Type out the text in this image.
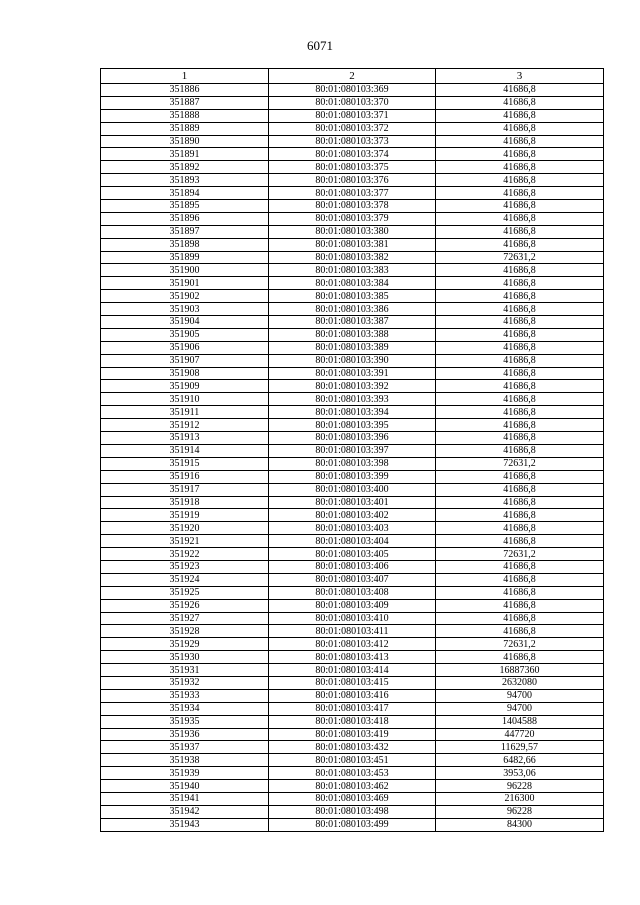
6071
1	2	3
351886	80:01:080103:369	41686,8
351887	80:01:080103:370	41686,8
351888	80:01:080103:371	41686,8
351889	80:01:080103:372	41686,8
351890	80:01:080103:373	41686,8
351891	80:01:080103:374	41686,8
351892	80:01:080103:375	41686,8
351893	80:01:080103:376	41686,8
351894	80:01:080103:377	41686,8
351895	80:01:080103:378	41686,8
351896	80:01:080103:379	41686,8
351897	80:01:080103:380	41686,8
351898	80:01:080103:381	41686,8
351899	80:01:080103:382	72631,2
351900	80:01:080103:383	41686,8
351901	80:01:080103:384	41686,8
351902	80:01:080103:385	41686,8
351903	80:01:080103:386	41686,8
351904	80:01:080103:387	41686,8
351905	80:01:080103:388	41686,8
351906	80:01:080103:389	41686,8
351907	80:01:080103:390	41686,8
351908	80:01:080103:391	41686,8
351909	80:01:080103:392	41686,8
351910	80:01:080103:393	41686,8
351911	80:01:080103:394	41686,8
351912	80:01:080103:395	41686,8
351913	80:01:080103:396	41686,8
351914	80:01:080103:397	41686,8
351915	80:01:080103:398	72631,2
351916	80:01:080103:399	41686,8
351917	80:01:080103:400	41686,8
351918	80:01:080103:401	41686,8
351919	80:01:080103:402	41686,8
351920	80:01:080103:403	41686,8
351921	80:01:080103:404	41686,8
351922	80:01:080103:405	72631,2
351923	80:01:080103:406	41686,8
351924	80:01:080103:407	41686,8
351925	80:01:080103:408	41686,8
351926	80:01:080103:409	41686,8
351927	80:01:080103:410	41686,8
351928	80:01:080103:411	41686,8
351929	80:01:080103:412	72631,2
351930	80:01:080103:413	41686,8
351931	80:01:080103:414	16887360
351932	80:01:080103:415	2632080
351933	80:01:080103:416	94700
351934	80:01:080103:417	94700
351935	80:01:080103:418	1404588
351936	80:01:080103:419	447720
351937	80:01:080103:432	11629,57
351938	80:01:080103:451	6482,66
351939	80:01:080103:453	3953,06
351940	80:01:080103:462	96228
351941	80:01:080103:469	216300
351942	80:01:080103:498	96228
351943	80:01:080103:499	84300
